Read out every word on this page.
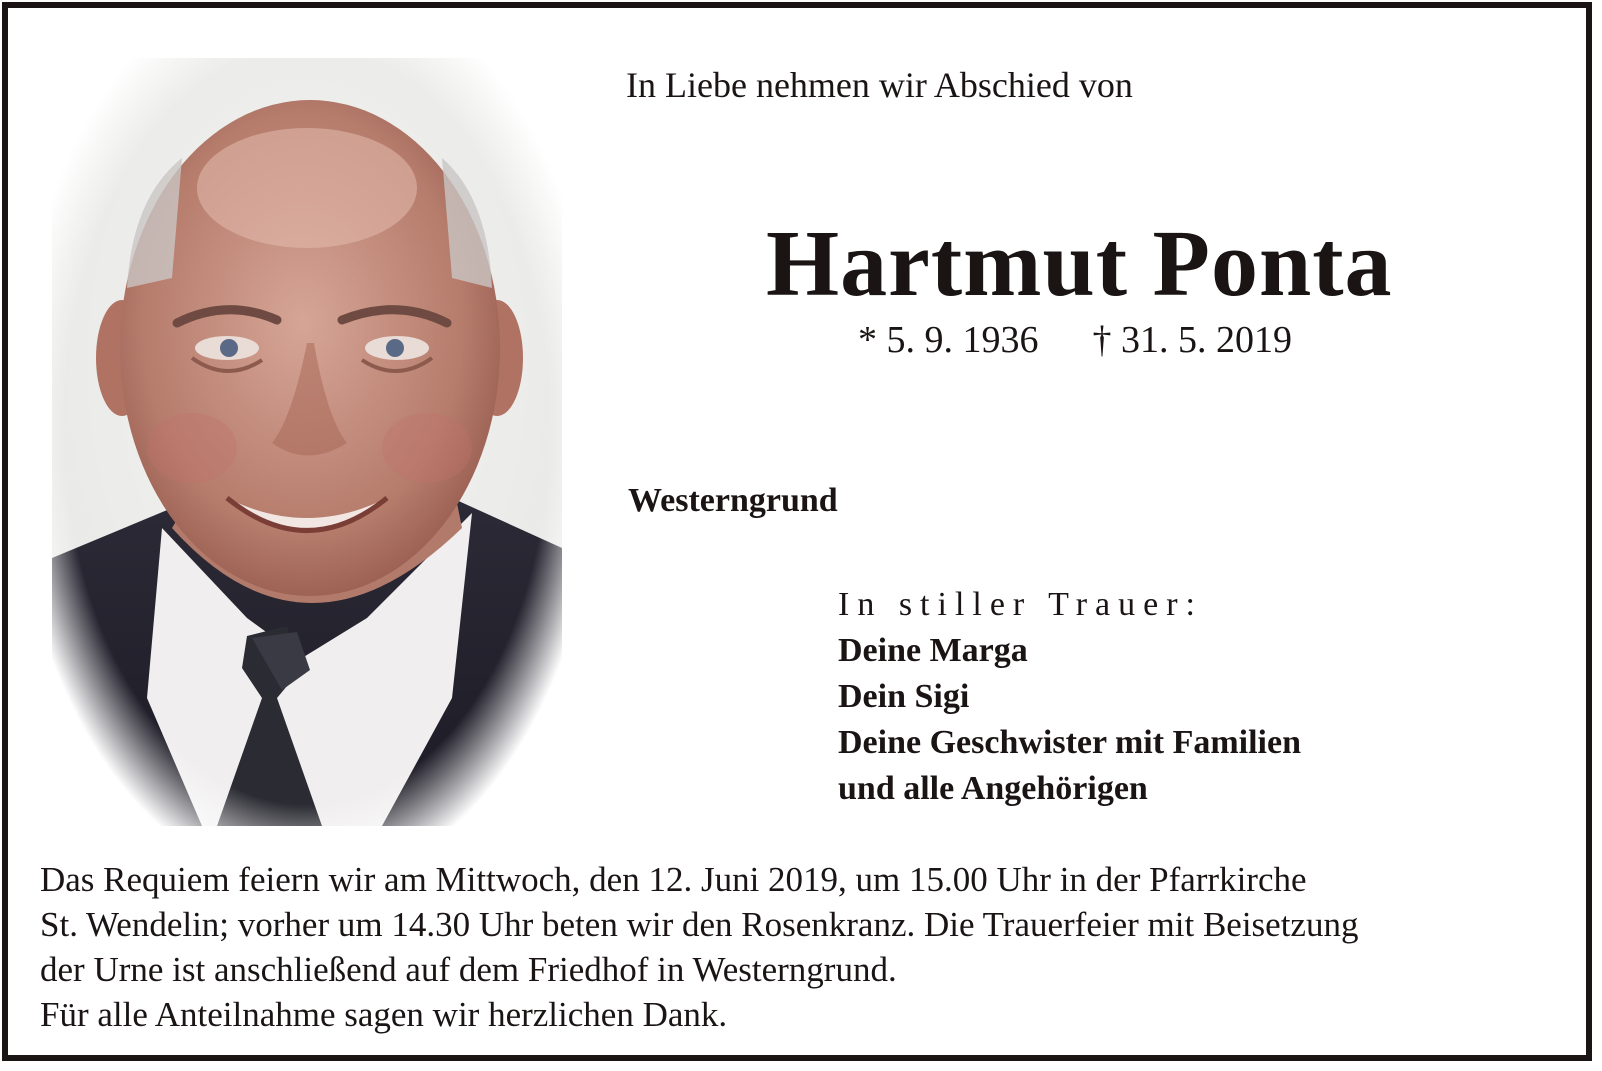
In Liebe nehmen wir Abschied von
Hartmut Ponta
* 5. 9. 1936 † 31. 5. 2019
Westerngrund
In stiller Trauer:
Deine Marga
Dein Sigi
Deine Geschwister mit Familien
und alle Angehörigen
Das Requiem feiern wir am Mittwoch, den 12. Juni 2019, um 15.00 Uhr in der Pfarrkirche
St. Wendelin; vorher um 14.30 Uhr beten wir den Rosenkranz. Die Trauerfeier mit Beisetzung
der Urne ist anschließend auf dem Friedhof in Westerngrund.
Für alle Anteilnahme sagen wir herzlichen Dank.
